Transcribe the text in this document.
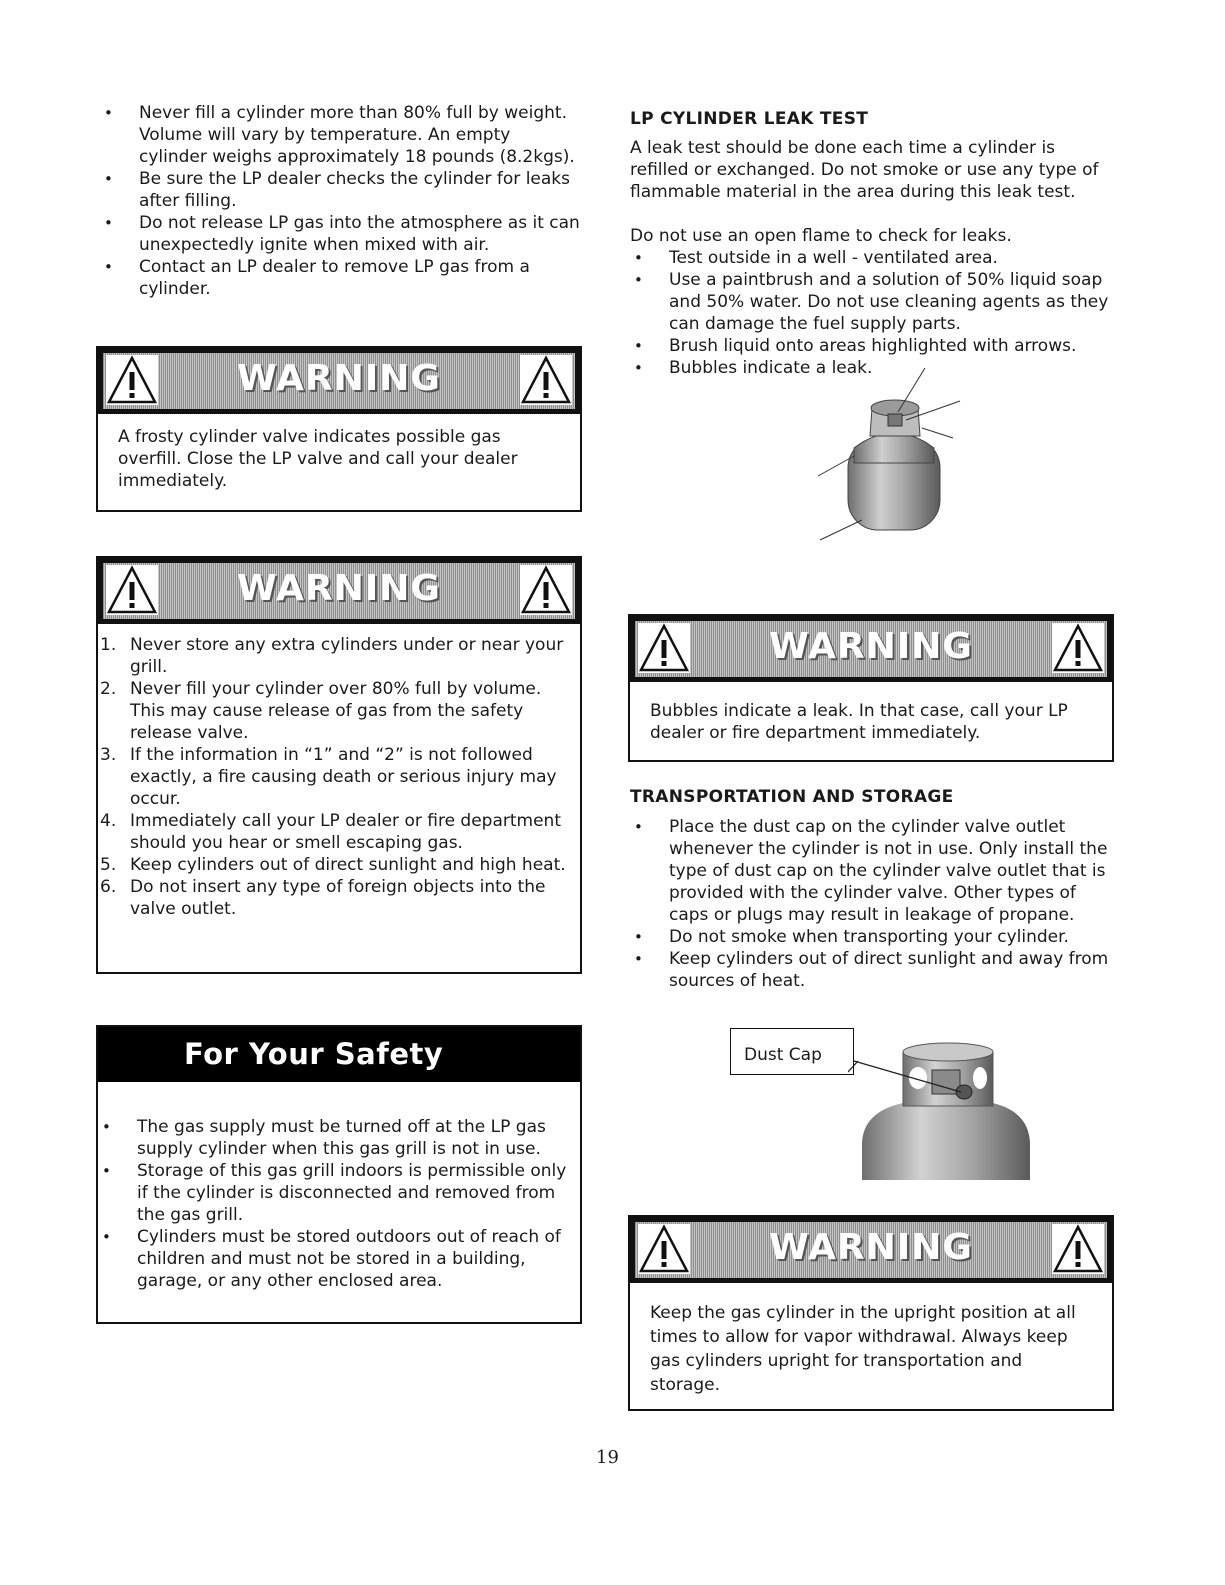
• Never fill a cylinder more than 80% full by weight. Volume will vary by temperature. An empty cylinder weighs approximately 18 pounds (8.2kgs).
• Be sure the LP dealer checks the cylinder for leaks after filling.
• Do not release LP gas into the atmosphere as it can unexpectedly ignite when mixed with air.
• Contact an LP dealer to remove LP gas from a cylinder.
WARNING
A frosty cylinder valve indicates possible gas overfill. Close the LP valve and call your dealer immediately.
WARNING
1. Never store any extra cylinders under or near your grill.
2. Never fill your cylinder over 80% full by volume. This may cause release of gas from the safety release valve.
3. If the information in “1” and “2” is not followed exactly, a fire causing death or serious injury may occur.
4. Immediately call your LP dealer or fire department should you hear or smell escaping gas.
5. Keep cylinders out of direct sunlight and high heat.
6. Do not insert any type of foreign objects into the valve outlet.
For Your Safety
• The gas supply must be turned off at the LP gas supply cylinder when this gas grill is not in use.
• Storage of this gas grill indoors is permissible only if the cylinder is disconnected and removed from the gas grill.
• Cylinders must be stored outdoors out of reach of children and must not be stored in a building, garage, or any other enclosed area.
LP CYLINDER LEAK TEST
A leak test should be done each time a cylinder is refilled or exchanged. Do not smoke or use any type of flammable material in the area during this leak test.
Do not use an open flame to check for leaks.
• Test outside in a well - ventilated area.
• Use a paintbrush and a solution of 50% liquid soap and 50% water. Do not use cleaning agents as they can damage the fuel supply parts.
• Brush liquid onto areas highlighted with arrows.
• Bubbles indicate a leak.
WARNING
Bubbles indicate a leak. In that case, call your LP dealer or fire department immediately.
TRANSPORTATION AND STORAGE
• Place the dust cap on the cylinder valve outlet whenever the cylinder is not in use. Only install the type of dust cap on the cylinder valve outlet that is provided with the cylinder valve. Other types of caps or plugs may result in leakage of propane.
• Do not smoke when transporting your cylinder.
• Keep cylinders out of direct sunlight and away from sources of heat.
Dust Cap
WARNING
Keep the gas cylinder in the upright position at all times to allow for vapor withdrawal. Always keep gas cylinders upright for transportation and storage.
19
